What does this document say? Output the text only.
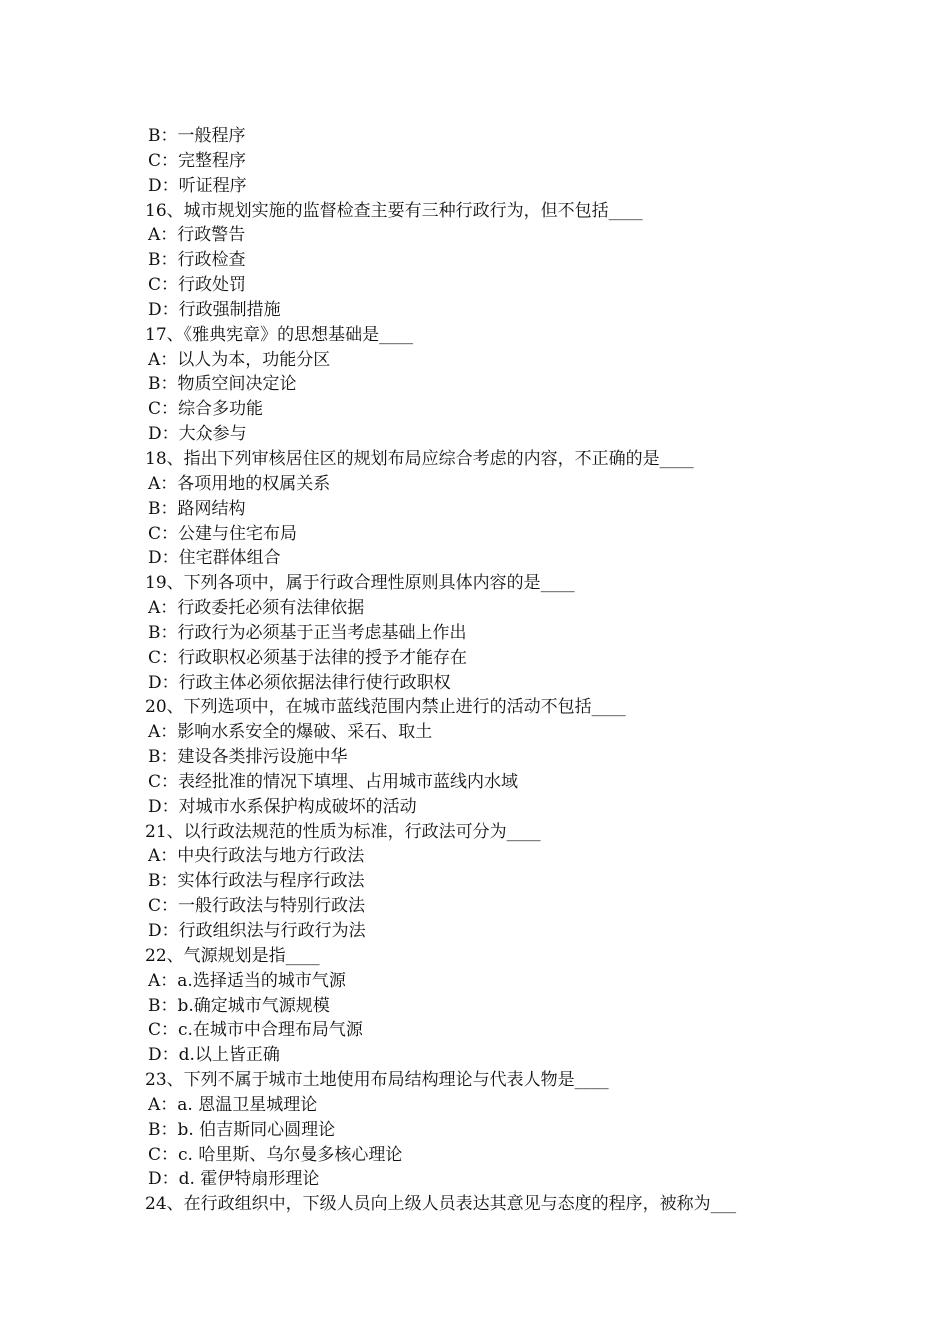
B：一般程序
C：完整程序
D：听证程序
16、城市规划实施的监督检查主要有三种行政行为，但不包括____
A：行政警告
B：行政检查
C：行政处罚
D：行政强制措施
17、《雅典宪章》的思想基础是____
A：以人为本，功能分区
B：物质空间决定论
C：综合多功能
D：大众参与
18、指出下列审核居住区的规划布局应综合考虑的内容，不正确的是____
A：各项用地的权属关系
B：路网结构
C：公建与住宅布局
D：住宅群体组合
19、下列各项中，属于行政合理性原则具体内容的是____
A：行政委托必须有法律依据
B：行政行为必须基于正当考虑基础上作出
C：行政职权必须基于法律的授予才能存在
D：行政主体必须依据法律行使行政职权
20、下列选项中，在城市蓝线范围内禁止进行的活动不包括____
A：影响水系安全的爆破、采石、取土
B：建设各类排污设施中华
C：表经批准的情况下填埋、占用城市蓝线内水域
D：对城市水系保护构成破坏的活动
21、以行政法规范的性质为标准，行政法可分为____
A：中央行政法与地方行政法
B：实体行政法与程序行政法
C：一般行政法与特别行政法
D：行政组织法与行政行为法
22、气源规划是指____
A：a.选择适当的城市气源
B：b.确定城市气源规模
C：c.在城市中合理布局气源
D：d.以上皆正确
23、下列不属于城市土地使用布局结构理论与代表人物是____
A：a. 恩温卫星城理论
B：b. 伯吉斯同心圆理论
C：c. 哈里斯、乌尔曼多核心理论
D：d. 霍伊特扇形理论
24、在行政组织中，下级人员向上级人员表达其意见与态度的程序，被称为___
